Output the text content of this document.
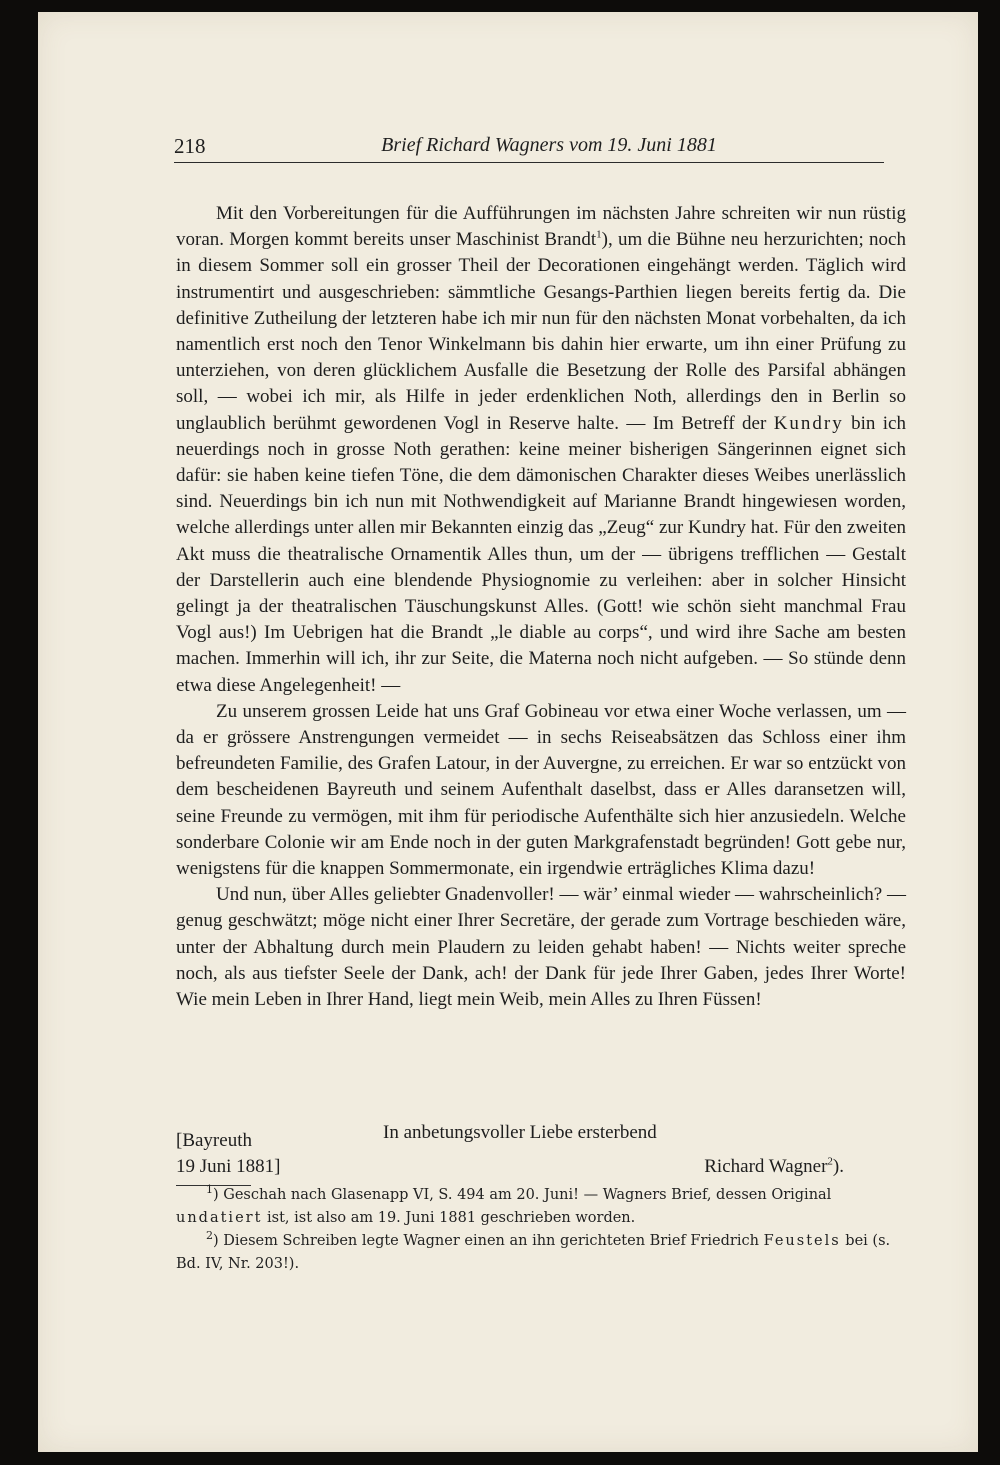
218	Brief Richard Wagners vom 19. Juni 1881

Mit den Vorbereitungen für die Aufführungen im nächsten Jahre schreiten wir nun rüstig voran. Morgen kommt bereits unser Maschinist Brandt$^1$), um die Bühne neu herzurichten; noch in diesem Sommer soll ein grosser Theil der Decorationen eingehängt werden. Täglich wird instrumentirt und ausgeschrieben: sämmtliche Gesangs-Parthien liegen bereits fertig da. Die definitive Zutheilung der letzteren habe ich mir nun für den nächsten Monat vorbehalten, da ich namentlich erst noch den Tenor Winkelmann bis dahin hier erwarte, um ihn einer Prüfung zu unterziehen, von deren glücklichem Ausfalle die Besetzung der Rolle des Parsifal abhängen soll, — wobei ich mir, als Hilfe in jeder erdenklichen Noth, allerdings den in Berlin so unglaublich berühmt gewordenen Vogl in Reserve halte. — Im Betreff der Kundry bin ich neuerdings noch in grosse Noth gerathen: keine meiner bisherigen Sängerinnen eignet sich dafür: sie haben keine tiefen Töne, die dem dämonischen Charakter dieses Weibes unerlässlich sind. Neuerdings bin ich nun mit Nothwendigkeit auf Marianne Brandt hingewiesen worden, welche allerdings unter allen mir Bekannten einzig das „Zeug“ zur Kundry hat. Für den zweiten Akt muss die theatralische Ornamentik Alles thun, um der — übrigens trefflichen — Gestalt der Darstellerin auch eine blendende Physiognomie zu verleihen: aber in solcher Hinsicht gelingt ja der theatralischen Täuschungskunst Alles. (Gott! wie schön sieht manchmal Frau Vogl aus!) Im Uebrigen hat die Brandt „le diable au corps“, und wird ihre Sache am besten machen. Immerhin will ich, ihr zur Seite, die Materna noch nicht aufgeben. — So stünde denn etwa diese Angelegenheit! —

Zu unserem grossen Leide hat uns Graf Gobineau vor etwa einer Woche verlassen, um — da er grössere Anstrengungen vermeidet — in sechs Reiseabsätzen das Schloss einer ihm befreundeten Familie, des Grafen Latour, in der Auvergne, zu erreichen. Er war so entzückt von dem bescheidenen Bayreuth und seinem Aufenthalt daselbst, dass er Alles daransetzen will, seine Freunde zu vermögen, mit ihm für periodische Aufenthälte sich hier anzusiedeln. Welche sonderbare Colonie wir am Ende noch in der guten Markgrafenstadt begründen! Gott gebe nur, wenigstens für die knappen Sommermonate, ein irgendwie erträgliches Klima dazu!

Und nun, über Alles geliebter Gnadenvoller! — wär’ einmal wieder — wahrscheinlich? — genug geschwätzt; möge nicht einer Ihrer Secretäre, der gerade zum Vortrage beschieden wäre, unter der Abhaltung durch mein Plaudern zu leiden gehabt haben! — Nichts weiter spreche noch, als aus tiefster Seele der Dank, ach! der Dank für jede Ihrer Gaben, jedes Ihrer Worte! Wie mein Leben in Ihrer Hand, liegt mein Weib, mein Alles zu Ihren Füssen!

In anbetungsvoller Liebe ersterbend
[Bayreuth
19 Juni 1881]	Richard Wagner$^2$).

$^1$) Geschah nach Glasenapp VI, S. 494 am 20. Juni! — Wagners Brief, dessen Original undatiert ist, ist also am 19. Juni 1881 geschrieben worden.

$^2$) Diesem Schreiben legte Wagner einen an ihn gerichteten Brief Friedrich Feustels bei (s. Bd. IV, Nr. 203!).
